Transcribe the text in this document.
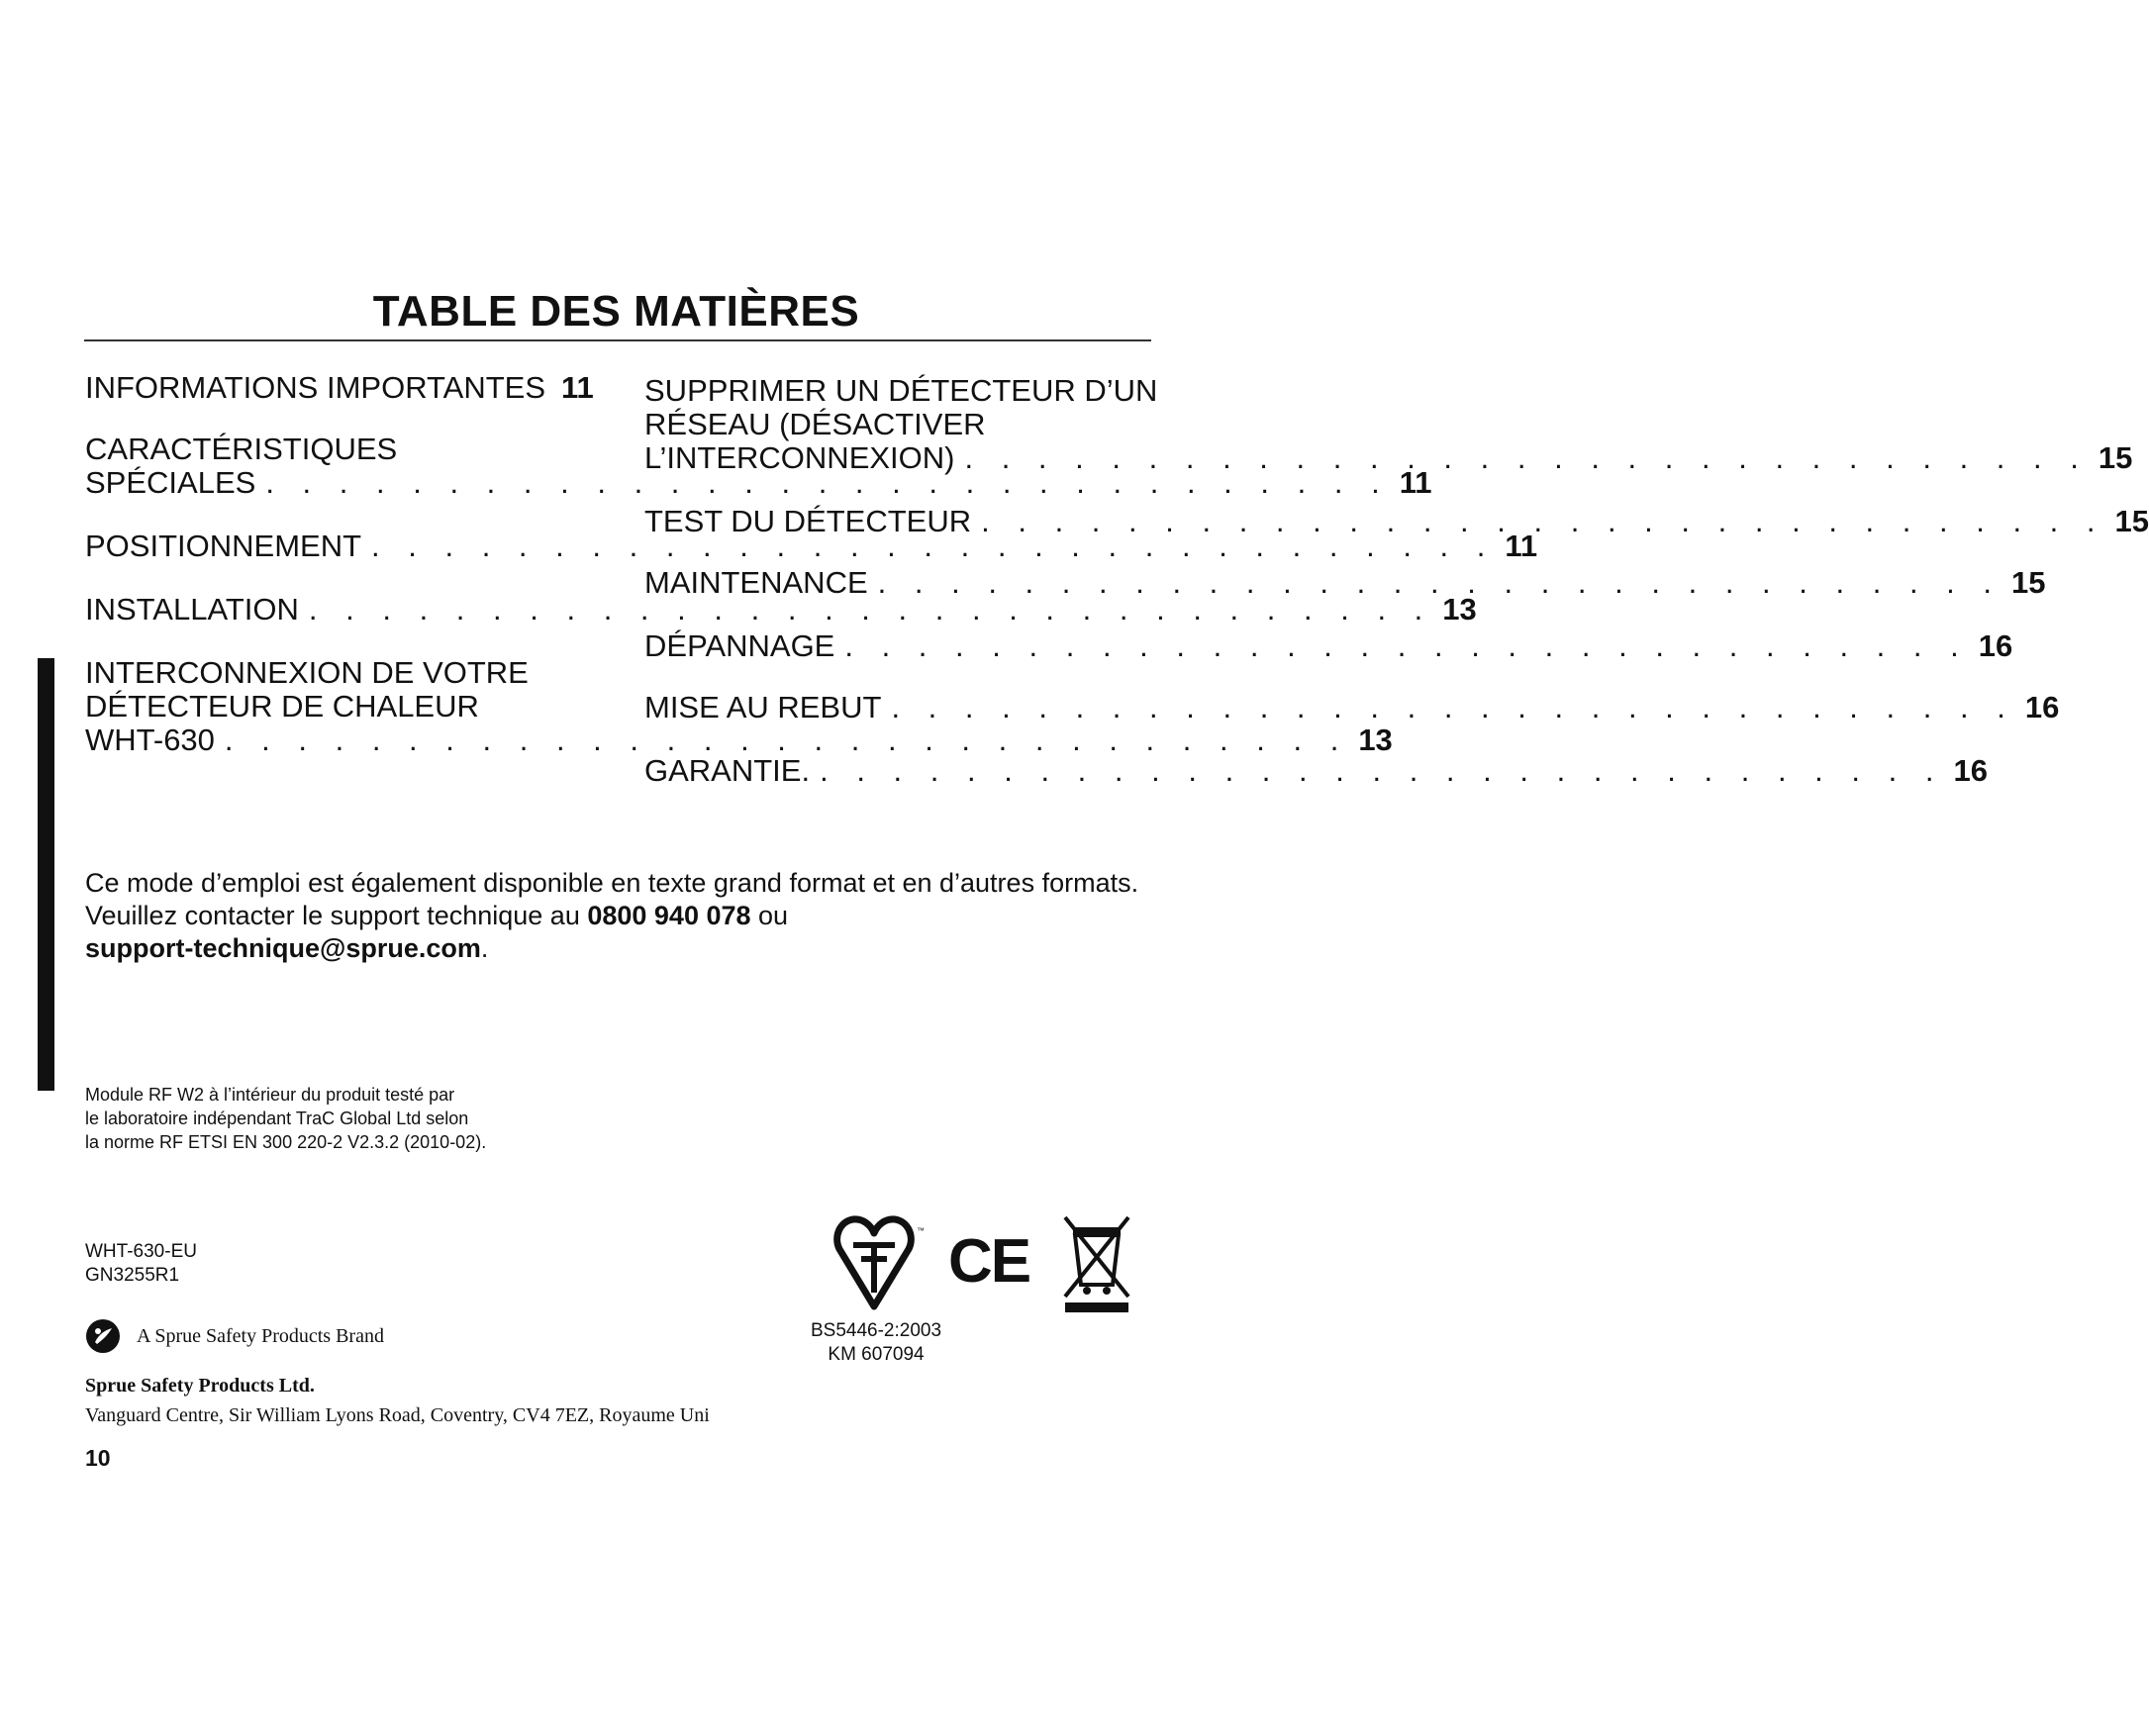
TABLE DES MATIÈRES
INFORMATIONS IMPORTANTES 11
CARACTÉRISTIQUES
SPÉCIALES . . . . . . . . . . . . . . . . . . . . . . . . . . . . . . . 11
POSITIONNEMENT . . . . . . . . . . . . . . . . . . . . . . . . . . . . . . . 11
INSTALLATION . . . . . . . . . . . . . . . . . . . . . . . . . . . . . . . 13
INTERCONNEXION DE VOTRE
DÉTECTEUR DE CHALEUR
WHT-630 . . . . . . . . . . . . . . . . . . . . . . . . . . . . . . . 13
SUPPRIMER UN DÉTECTEUR D’UN
RÉSEAU (DÉSACTIVER
L’INTERCONNEXION) . . . . . . . . . . . . . . . . . . . . . . . . . . . . . . . 15
TEST DU DÉTECTEUR . . . . . . . . . . . . . . . . . . . . . . . . . . . . . . . 15
MAINTENANCE . . . . . . . . . . . . . . . . . . . . . . . . . . . . . . . 15
DÉPANNAGE . . . . . . . . . . . . . . . . . . . . . . . . . . . . . . . 16
MISE AU REBUT . . . . . . . . . . . . . . . . . . . . . . . . . . . . . . . 16
GARANTIE. . . . . . . . . . . . . . . . . . . . . . . . . . . . . . . . 16
Ce mode d’emploi est également disponible en texte grand format et en d’autres formats. Veuillez contacter le support technique au 0800 940 078 ou
support-technique@sprue.com.
Module RF W2 à l’intérieur du produit testé par
le laboratoire indépendant TraC Global Ltd selon
la norme RF ETSI EN 300 220-2 V2.3.2 (2010-02).
WHT-630-EU
GN3255R1
A Sprue Safety Products Brand
Sprue Safety Products Ltd.
Vanguard Centre, Sir William Lyons Road, Coventry, CV4 7EZ, Royaume Uni
10
™ CE
BS5446-2:2003
KM 607094
